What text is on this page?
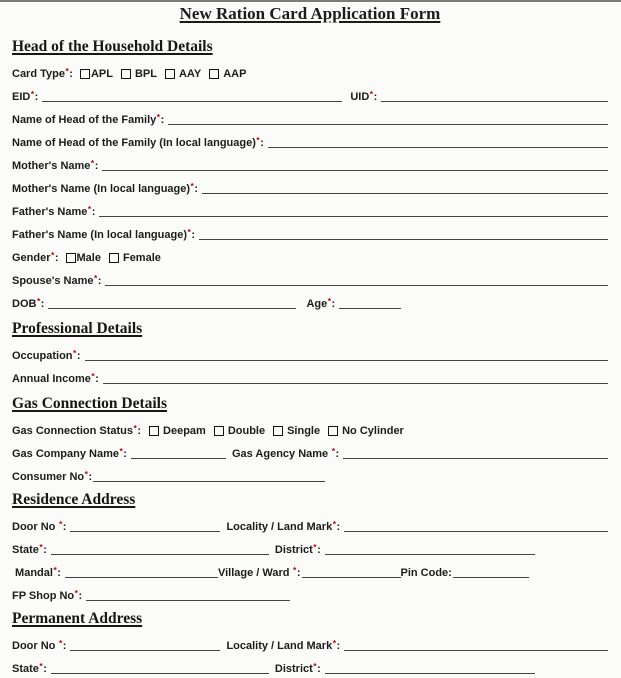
New Ration Card Application Form
Head of the Household Details
Card Type*: APL BPL AAY AAP
EID*:	UID*:
Name of Head of the Family*:
Name of Head of the Family (In local language)*:
Mother's Name*:
Mother's Name (In local language)*:
Father's Name*:
Father's Name (In local language)*:
Gender*: Male Female
Spouse's Name*:
DOB*:	Age*:
Professional Details
Occupation*:
Annual Income*:
Gas Connection Details
Gas Connection Status*: Deepam Double Single No Cylinder
Gas Company Name*:	Gas Agency Name *:
Consumer No*:
Residence Address
Door No *:	Locality / Land Mark*:
State*:	District*:
Mandal*:	Village / Ward *:	Pin Code:
FP Shop No*:
Permanent Address
Door No *:	Locality / Land Mark*:
State*:	District*:
